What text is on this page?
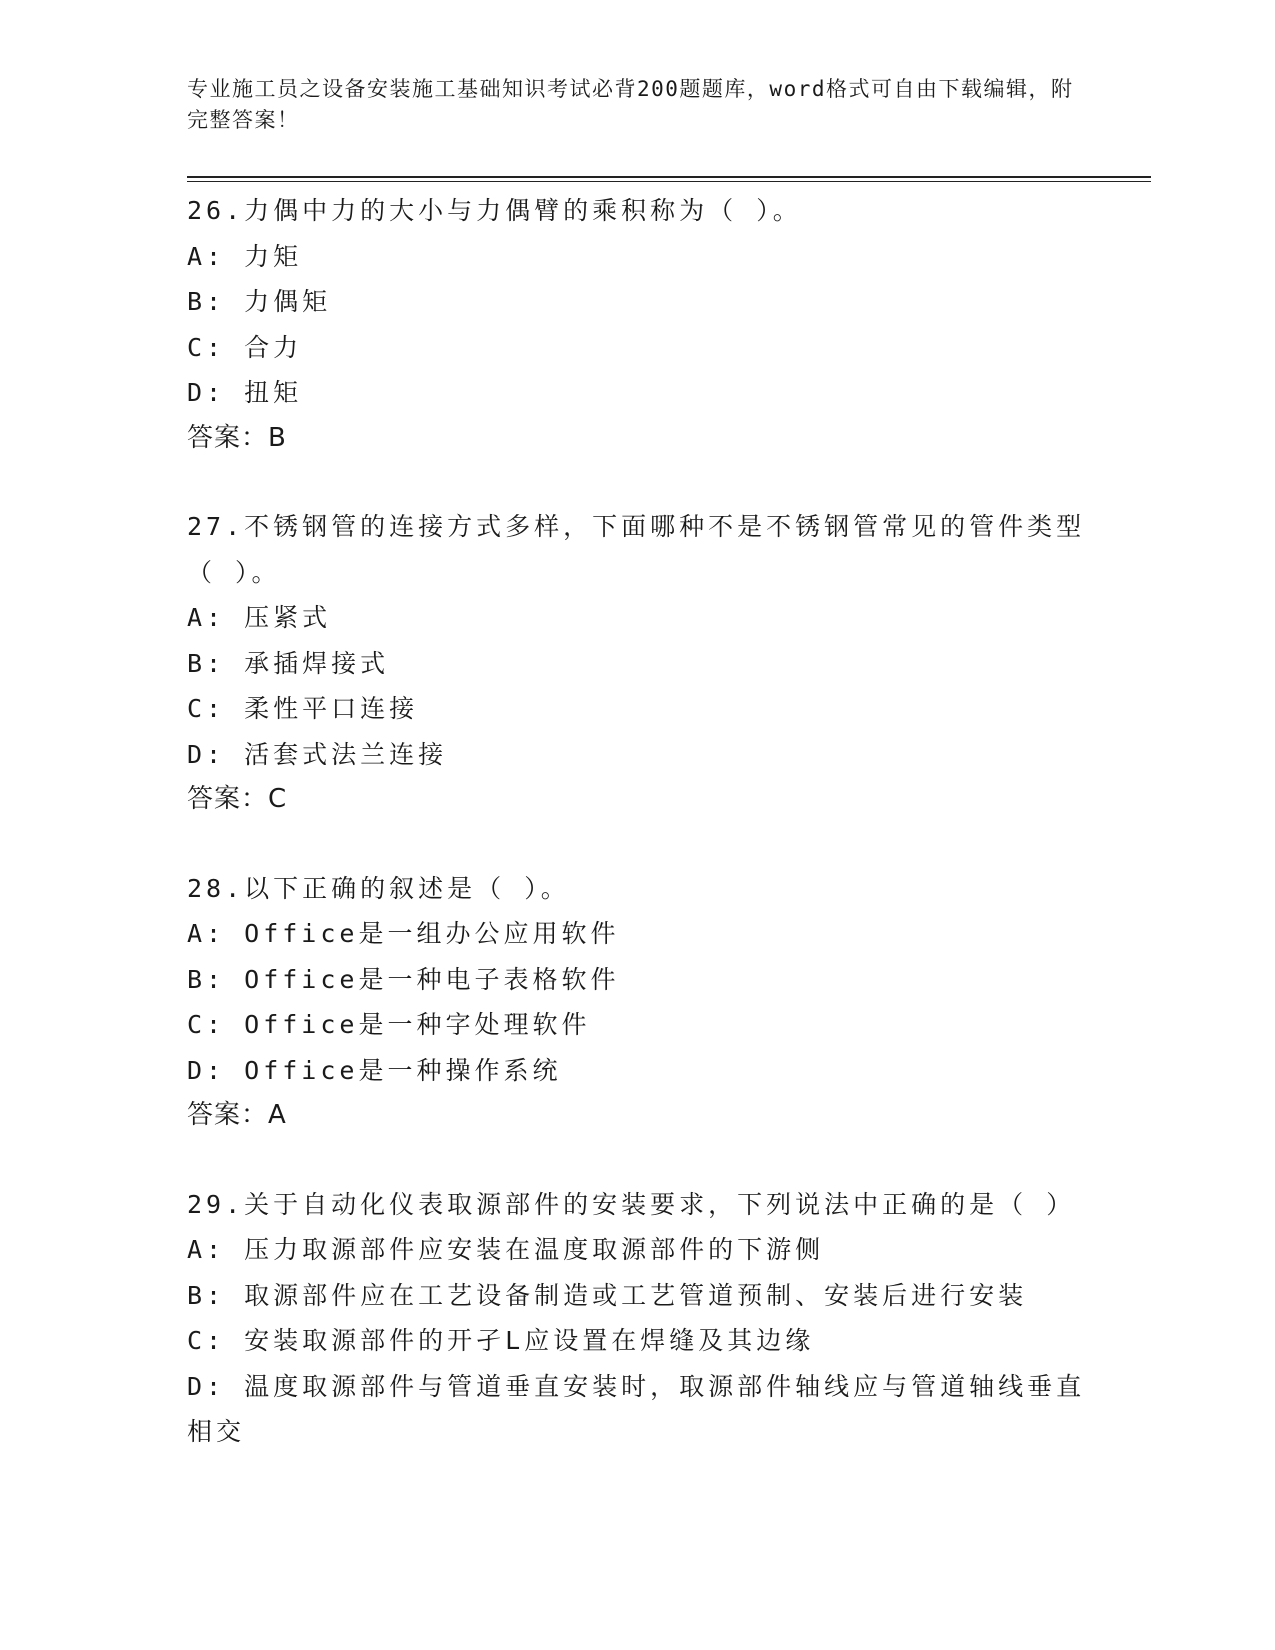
专业施工员之设备安装施工基础知识考试必背200题题库，word格式可自由下载编辑，附完整答案！
26.力偶中力的大小与力偶臂的乘积称为（ ）。
A: 力矩
B: 力偶矩
C: 合力
D: 扭矩
答案：B
27.不锈钢管的连接方式多样，下面哪种不是不锈钢管常见的管件类型（ ）。
A: 压紧式
B: 承插焊接式
C: 柔性平口连接
D: 活套式法兰连接
答案：C
28.以下正确的叙述是（ ）。
A: Office是一组办公应用软件
B: Office是一种电子表格软件
C: Office是一种字处理软件
D: Office是一种操作系统
答案：A
29.关于自动化仪表取源部件的安装要求，下列说法中正确的是（ ）
A: 压力取源部件应安装在温度取源部件的下游侧
B: 取源部件应在工艺设备制造或工艺管道预制、安装后进行安装
C: 安装取源部件的开孑L应设置在焊缝及其边缘
D: 温度取源部件与管道垂直安装时，取源部件轴线应与管道轴线垂直相交
